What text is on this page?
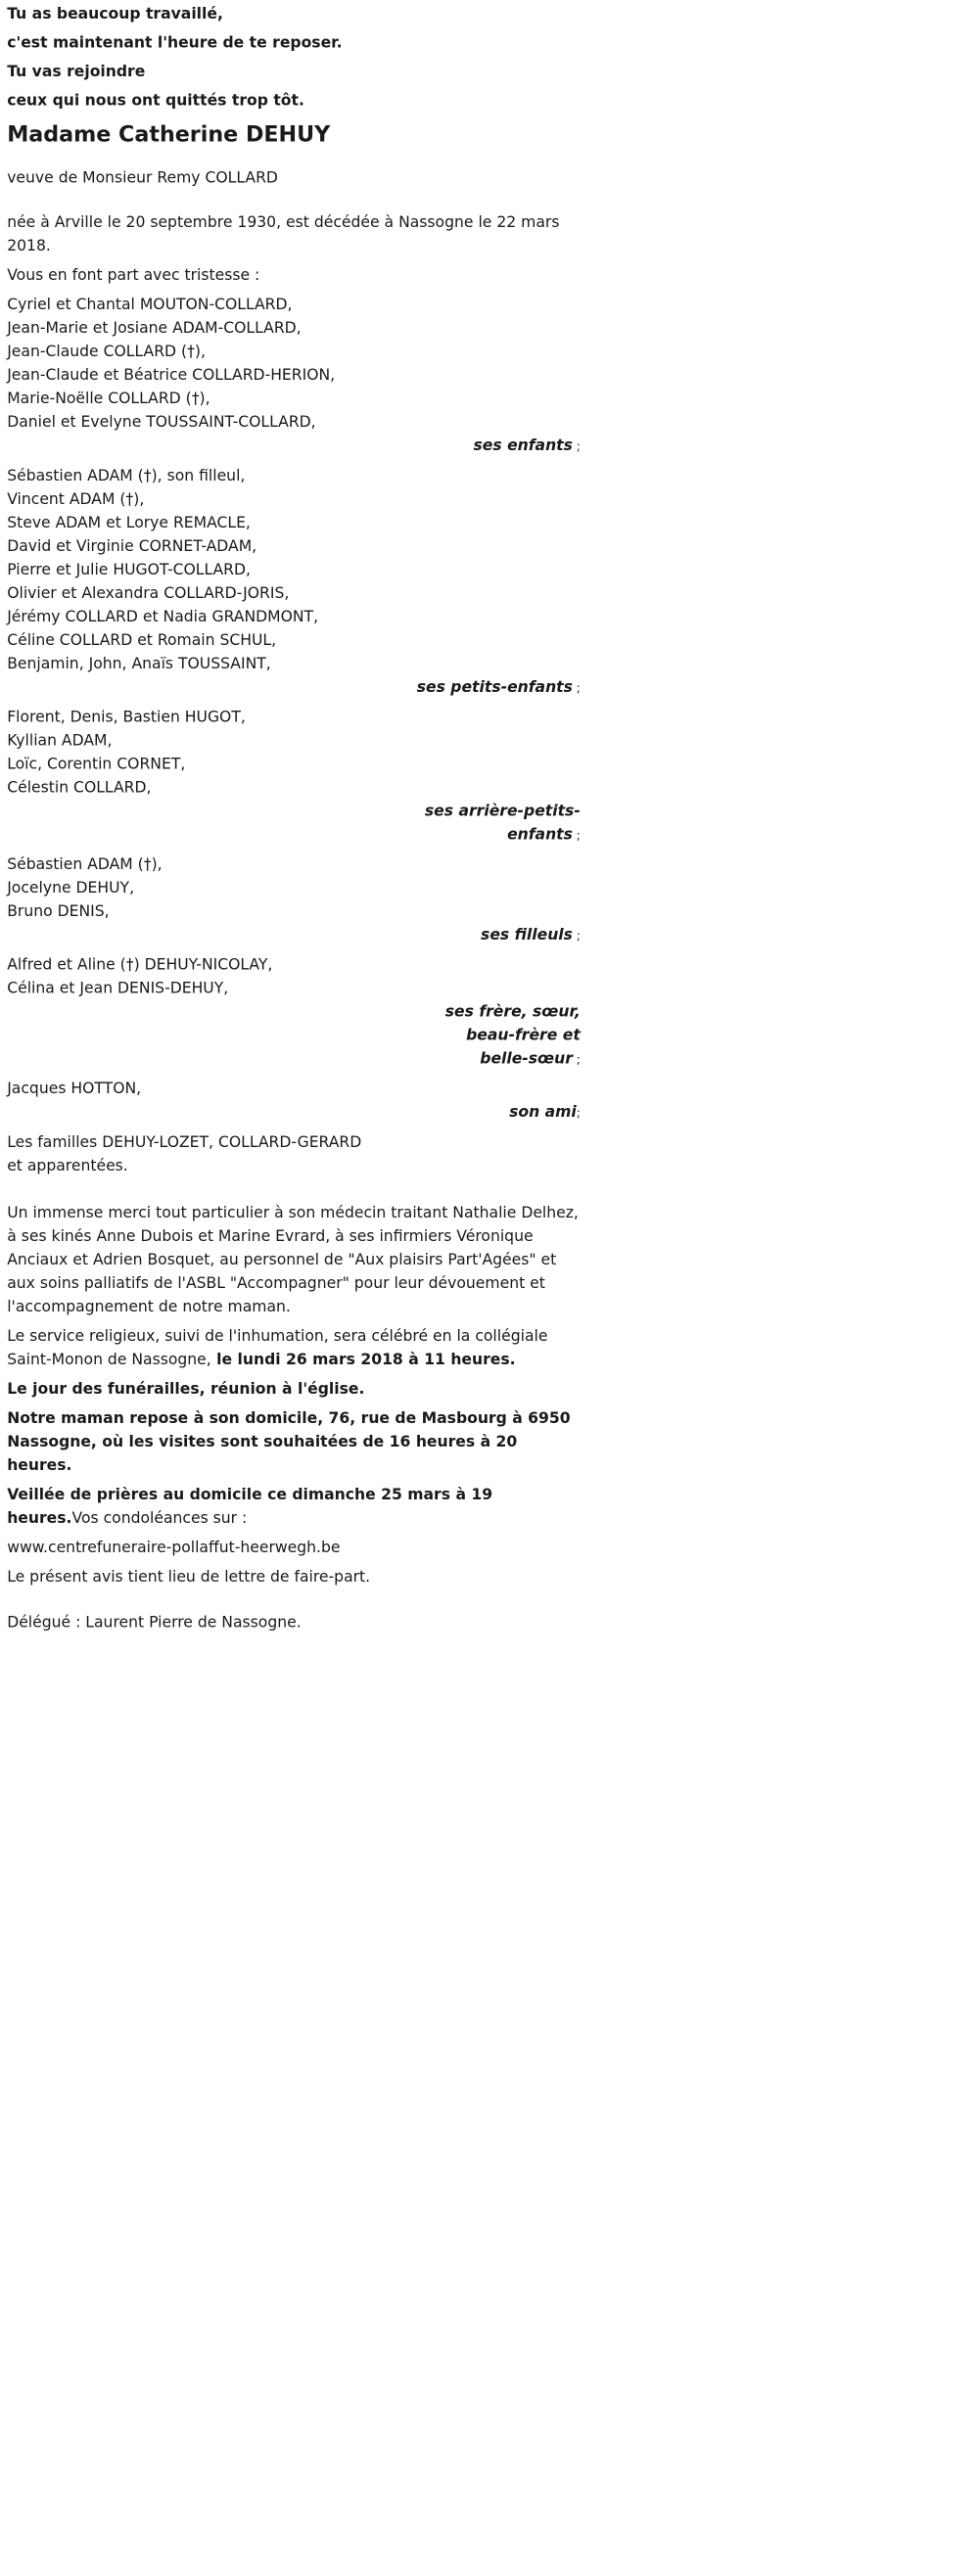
Tu as beaucoup travaillé,

c'est maintenant l'heure de te reposer.

Tu vas rejoindre

ceux qui nous ont quittés trop tôt.

Madame Catherine DEHUY
veuve de Monsieur Remy COLLARD
née à Arville le 20 septembre 1930, est décédée à Nassogne le 22 mars 2018.
Vous en font part avec tristesse :
Cyriel et Chantal MOUTON-COLLARD,
Jean-Marie et Josiane ADAM-COLLARD,
Jean-Claude COLLARD (†),
Jean-Claude et Béatrice COLLARD-HERION,
Marie-Noëlle COLLARD (†),
Daniel et Evelyne TOUSSAINT-COLLARD,
ses enfants ;
Sébastien ADAM (†), son filleul,
Vincent ADAM (†),
Steve ADAM et Lorye REMACLE,
David et Virginie CORNET-ADAM,
Pierre et Julie HUGOT-COLLARD,
Olivier et Alexandra COLLARD-JORIS,
Jérémy COLLARD et Nadia GRANDMONT,
Céline COLLARD et Romain SCHUL,
Benjamin, John, Anaïs TOUSSAINT,
ses petits-enfants ;
Florent, Denis, Bastien HUGOT,
Kyllian ADAM,
Loïc, Corentin CORNET,
Célestin COLLARD,
ses arrière-petits-
enfants ;
Sébastien ADAM (†),
Jocelyne DEHUY,
Bruno DENIS,
ses filleuls ;
Alfred et Aline (†) DEHUY-NICOLAY,
Célina et Jean DENIS-DEHUY,
ses frère, sœur,
beau-frère et
belle-sœur ;
Jacques HOTTON,
son ami;
Les familles DEHUY-LOZET, COLLARD-GERARD
et apparentées.
Un immense merci tout particulier à son médecin traitant Nathalie Delhez, à ses kinés Anne Dubois et Marine Evrard, à ses infirmiers Véronique Anciaux et Adrien Bosquet, au personnel de "Aux plaisirs Part'Agées" et aux soins palliatifs de l'ASBL "Accompagner" pour leur dévouement et l'accompagnement de notre maman.
Le service religieux, suivi de l'inhumation, sera célébré en la collégiale Saint-Monon de Nassogne, le lundi 26 mars 2018 à 11 heures.
Le jour des funérailles, réunion à l'église.
Notre maman repose à son domicile, 76, rue de Masbourg à 6950 Nassogne, où les visites sont souhaitées de 16 heures à 20 heures.
Veillée de prières au domicile ce dimanche 25 mars à 19 heures.Vos condoléances sur :
www.centrefuneraire-pollaffut-heerwegh.be
Le présent avis tient lieu de lettre de faire-part.
Délégué : Laurent Pierre de Nassogne.
